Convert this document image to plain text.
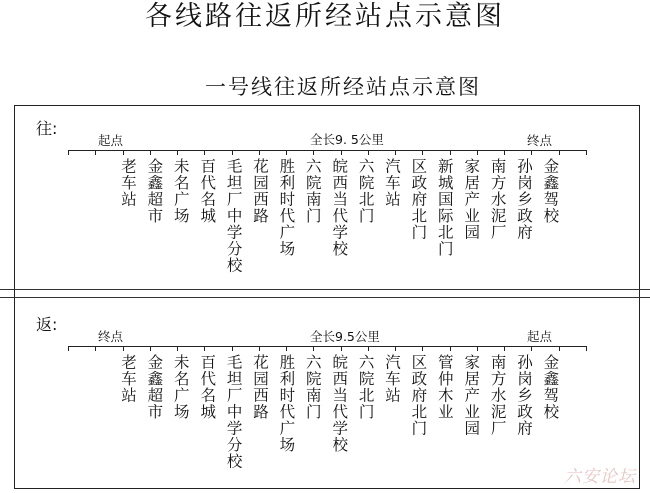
各线路往返所经站点示意图
一号线往返所经站点示意图
往:
起点	全长9. 5公里	终点
老车站 金鑫超市 未名广场 百代名城 毛坦厂中学分校 花园西路 胜利时代广场 六院南门 皖西当代学校 六院北门 汽车站 区政府北门 新城国际北门 家居产业园 南方水泥厂 孙岗乡政府 金鑫驾校
返:
终点	全长9.5公里	起点
老车站 金鑫超市 未名广场 百代名城 毛坦厂中学分校 花园西路 胜利时代广场 六院南门 皖西当代学校 六院北门 汽车站 区政府北门 管仲木业 家居产业园 南方水泥厂 孙岗乡政府 金鑫驾校
六安论坛
